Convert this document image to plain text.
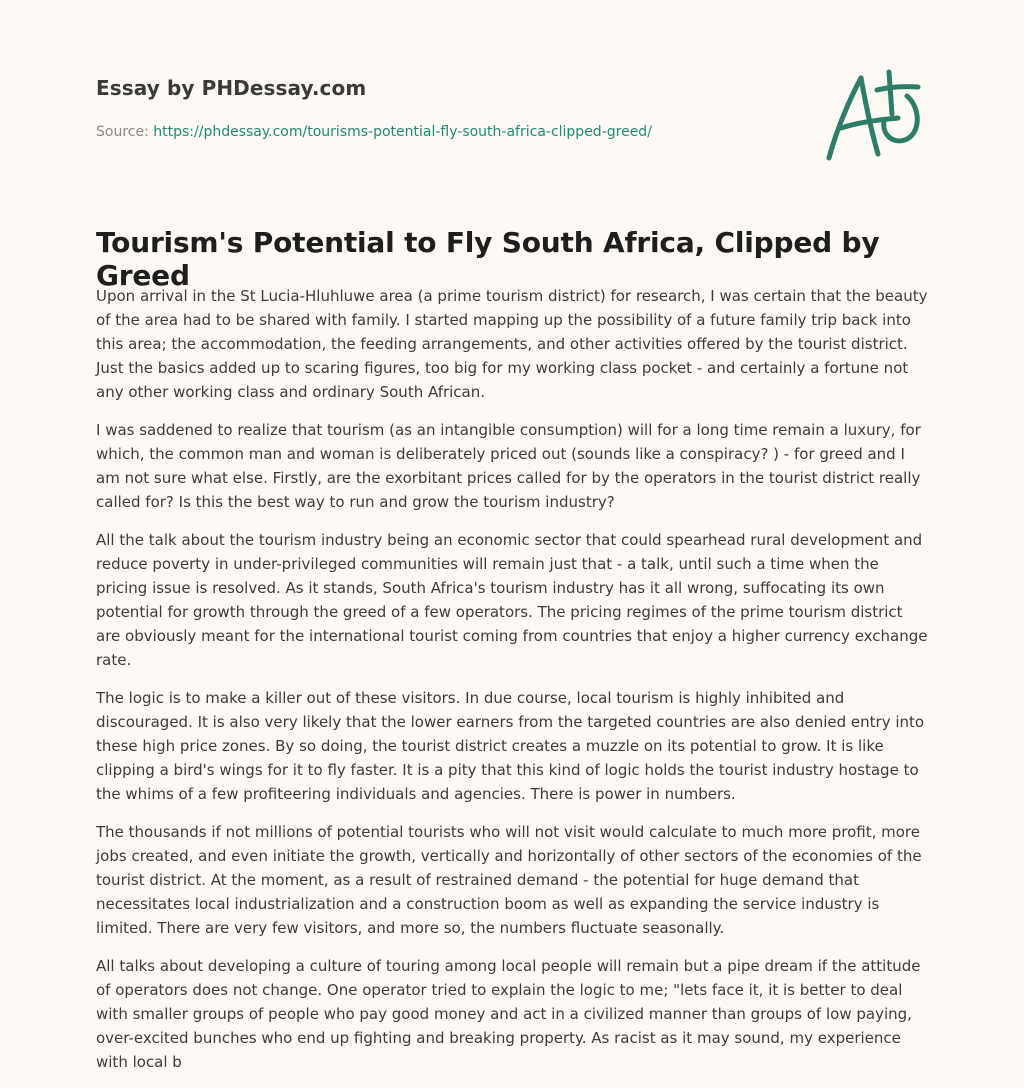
Essay by PHDessay.com

Source: https://phdessay.com/tourisms-potential-fly-south-africa-clipped-greed/

Tourism's Potential to Fly South Africa, Clipped by Greed

Upon arrival in the St Lucia-Hluhluwe area (a prime tourism district) for research, I was certain that the beauty of the area had to be shared with family. I started mapping up the possibility of a future family trip back into this area; the accommodation, the feeding arrangements, and other activities offered by the tourist district. Just the basics added up to scaring figures, too big for my working class pocket - and certainly a fortune not any other working class and ordinary South African.

I was saddened to realize that tourism (as an intangible consumption) will for a long time remain a luxury, for which, the common man and woman is deliberately priced out (sounds like a conspiracy? ) - for greed and I am not sure what else. Firstly, are the exorbitant prices called for by the operators in the tourist district really called for? Is this the best way to run and grow the tourism industry?

All the talk about the tourism industry being an economic sector that could spearhead rural development and reduce poverty in under-privileged communities will remain just that - a talk, until such a time when the pricing issue is resolved. As it stands, South Africa's tourism industry has it all wrong, suffocating its own potential for growth through the greed of a few operators. The pricing regimes of the prime tourism district are obviously meant for the international tourist coming from countries that enjoy a higher currency exchange rate.

The logic is to make a killer out of these visitors. In due course, local tourism is highly inhibited and discouraged. It is also very likely that the lower earners from the targeted countries are also denied entry into these high price zones. By so doing, the tourist district creates a muzzle on its potential to grow. It is like clipping a bird's wings for it to fly faster. It is a pity that this kind of logic holds the tourist industry hostage to the whims of a few profiteering individuals and agencies. There is power in numbers.

The thousands if not millions of potential tourists who will not visit would calculate to much more profit, more jobs created, and even initiate the growth, vertically and horizontally of other sectors of the economies of the tourist district. At the moment, as a result of restrained demand - the potential for huge demand that necessitates local industrialization and a construction boom as well as expanding the service industry is limited. There are very few visitors, and more so, the numbers fluctuate seasonally.

All talks about developing a culture of touring among local people will remain but a pipe dream if the attitude of operators does not change. One operator tried to explain the logic to me; "lets face it, it is better to deal with smaller groups of people who pay good money and act in a civilized manner than groups of low paying, over-excited bunches who end up fighting and breaking property. As racist as it may sound, my experience with local b
